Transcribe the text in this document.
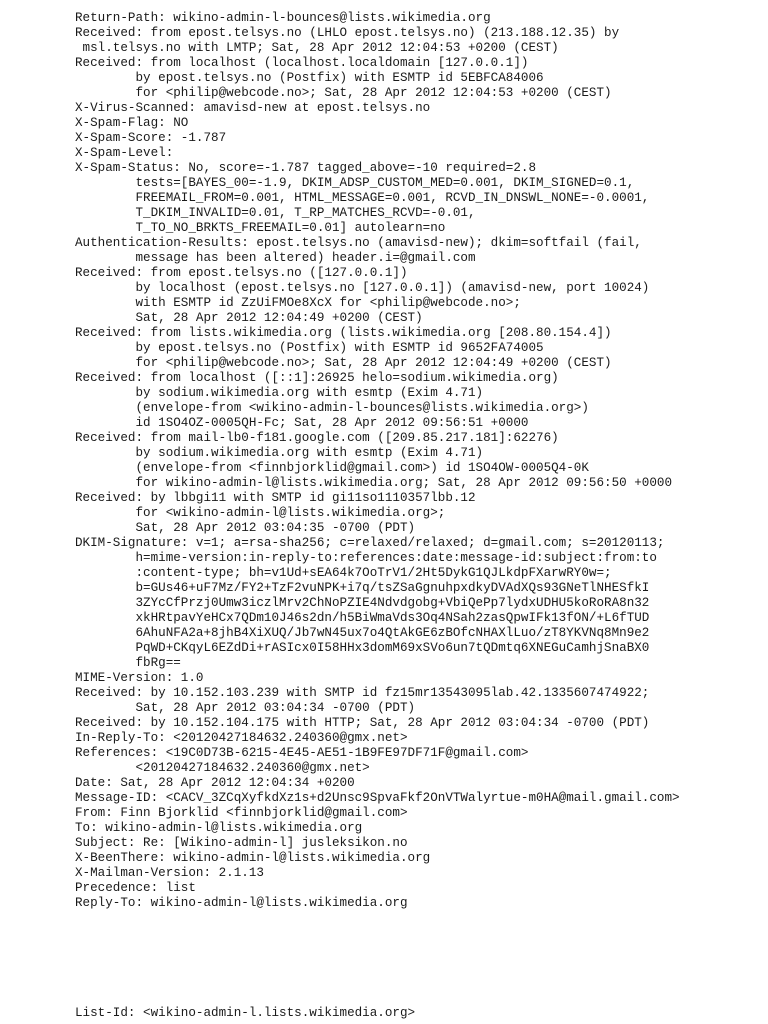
Return-Path: wikino-admin-l-bounces@lists.wikimedia.org
Received: from epost.telsys.no (LHLO epost.telsys.no) (213.188.12.35) by
msl.telsys.no with LMTP; Sat, 28 Apr 2012 12:04:53 +0200 (CEST)
Received: from localhost (localhost.localdomain [127.0.0.1])
by epost.telsys.no (Postfix) with ESMTP id 5EBFCA84006
for <philip@webcode.no>; Sat, 28 Apr 2012 12:04:53 +0200 (CEST)
X-Virus-Scanned: amavisd-new at epost.telsys.no
X-Spam-Flag: NO
X-Spam-Score: -1.787
X-Spam-Level:
X-Spam-Status: No, score=-1.787 tagged_above=-10 required=2.8
tests=[BAYES_00=-1.9, DKIM_ADSP_CUSTOM_MED=0.001, DKIM_SIGNED=0.1,
FREEMAIL_FROM=0.001, HTML_MESSAGE=0.001, RCVD_IN_DNSWL_NONE=-0.0001,
T_DKIM_INVALID=0.01, T_RP_MATCHES_RCVD=-0.01,
T_TO_NO_BRKTS_FREEMAIL=0.01] autolearn=no
Authentication-Results: epost.telsys.no (amavisd-new); dkim=softfail (fail,
message has been altered) header.i=@gmail.com
Received: from epost.telsys.no ([127.0.0.1])
by localhost (epost.telsys.no [127.0.0.1]) (amavisd-new, port 10024)
with ESMTP id ZzUiFMOe8XcX for <philip@webcode.no>;
Sat, 28 Apr 2012 12:04:49 +0200 (CEST)
Received: from lists.wikimedia.org (lists.wikimedia.org [208.80.154.4])
by epost.telsys.no (Postfix) with ESMTP id 9652FA74005
for <philip@webcode.no>; Sat, 28 Apr 2012 12:04:49 +0200 (CEST)
Received: from localhost ([::1]:26925 helo=sodium.wikimedia.org)
by sodium.wikimedia.org with esmtp (Exim 4.71)
(envelope-from <wikino-admin-l-bounces@lists.wikimedia.org>)
id 1SO4OZ-0005QH-Fc; Sat, 28 Apr 2012 09:56:51 +0000
Received: from mail-lb0-f181.google.com ([209.85.217.181]:62276)
by sodium.wikimedia.org with esmtp (Exim 4.71)
(envelope-from <finnbjorklid@gmail.com>) id 1SO4OW-0005Q4-0K
for wikino-admin-l@lists.wikimedia.org; Sat, 28 Apr 2012 09:56:50 +0000
Received: by lbbgi11 with SMTP id gi11so1110357lbb.12
for <wikino-admin-l@lists.wikimedia.org>;
Sat, 28 Apr 2012 03:04:35 -0700 (PDT)
DKIM-Signature: v=1; a=rsa-sha256; c=relaxed/relaxed; d=gmail.com; s=20120113;
h=mime-version:in-reply-to:references:date:message-id:subject:from:to
:content-type; bh=v1Ud+sEA64k7OoTrV1/2Ht5DykG1QJLkdpFXarwRY0w=;
b=GUs46+uF7Mz/FY2+TzF2vuNPK+i7q/tsZSaGgnuhpxdkyDVAdXQs93GNeTlNHESfkI
3ZYcCfPrzj0Umw3iczlMrv2ChNoPZIE4Ndvdgobg+VbiQePp7lydxUDHU5koRoRA8n32
xkHRtpavYeHCx7QDm10J46s2dn/h5BiWmaVds3Oq4NSah2zasQpwIFk13fON/+L6fTUD
6AhuNFA2a+8jhB4XiXUQ/Jb7wN45ux7o4QtAkGE6zBOfcNHAXlLuo/zT8YKVNq8Mn9e2
PqWD+CKqyL6EZdDi+rASIcx0I58HHx3domM69xSVo6un7tQDmtq6XNEGuCamhjSnaBX0
fbRg==
MIME-Version: 1.0
Received: by 10.152.103.239 with SMTP id fz15mr13543095lab.42.1335607474922;
Sat, 28 Apr 2012 03:04:34 -0700 (PDT)
Received: by 10.152.104.175 with HTTP; Sat, 28 Apr 2012 03:04:34 -0700 (PDT)
In-Reply-To: <20120427184632.240360@gmx.net>
References: <19C0D73B-6215-4E45-AE51-1B9FE97DF71F@gmail.com>
<20120427184632.240360@gmx.net>
Date: Sat, 28 Apr 2012 12:04:34 +0200
Message-ID: <CACV_3ZCqXyfkdXz1s+d2Unsc9SpvaFkf2OnVTWalyrtue-m0HA@mail.gmail.com>
From: Finn Bjorklid <finnbjorklid@gmail.com>
To: wikino-admin-l@lists.wikimedia.org
Subject: Re: [Wikino-admin-l] jusleksikon.no
X-BeenThere: wikino-admin-l@lists.wikimedia.org
X-Mailman-Version: 2.1.13
Precedence: list
Reply-To: wikino-admin-l@lists.wikimedia.org
List-Id: <wikino-admin-l.lists.wikimedia.org>
